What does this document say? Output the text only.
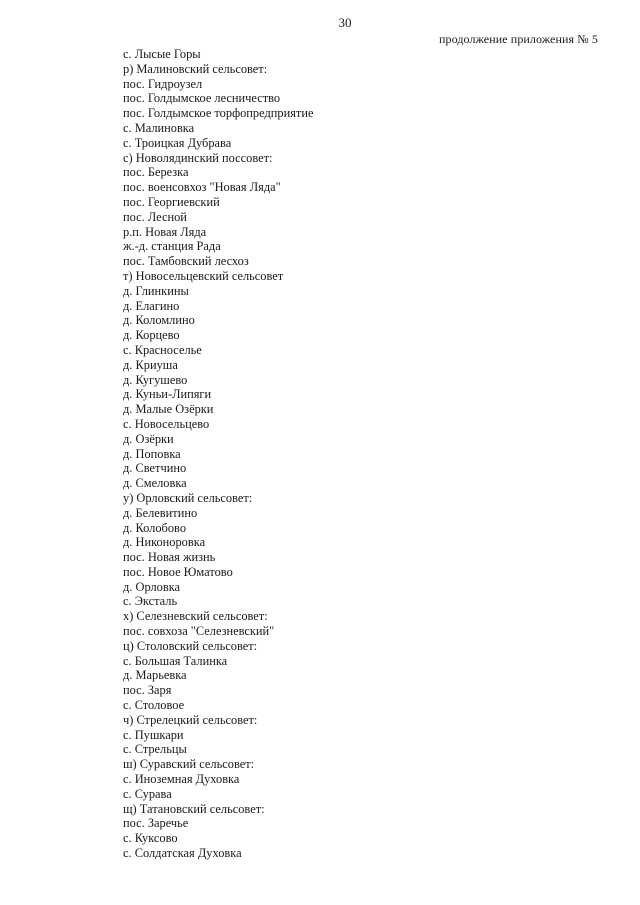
30
продолжение приложения № 5
с. Лысые Горы
р) Малиновский сельсовет:
пос. Гидроузел
пос. Голдымское лесничество
пос. Голдымское торфопредприятие
с. Малиновка
с. Троицкая Дубрава
с) Новолядинский поссовет:
пос. Березка
пос. военсовхоз "Новая Ляда"
пос. Георгиевский
пос. Лесной
р.п. Новая Ляда
ж.-д. станция Рада
пос. Тамбовский лесхоз
т) Новосельцевский сельсовет
д. Глинкины
д. Елагино
д. Коломлино
д. Корцево
с. Красноселье
д. Криуша
д. Кугушево
д. Куньи-Липяги
д. Малые Озёрки
с. Новосельцево
д. Озёрки
д. Поповка
д. Светчино
д. Смеловка
у) Орловский сельсовет:
д. Белевитино
д. Колобово
д. Никоноровка
пос. Новая жизнь
пос. Новое Юматово
д. Орловка
с. Эксталь
х) Селезневский сельсовет:
пос. совхоза "Селезневский"
ц) Столовский сельсовет:
с. Большая Талинка
д. Марьевка
пос. Заря
с. Столовое
ч) Стрелецкий сельсовет:
с. Пушкари
с. Стрельцы
ш) Суравский сельсовет:
с. Иноземная Духовка
с. Сурава
щ) Татановский сельсовет:
пос. Заречье
с. Куксово
с. Солдатская Духовка
